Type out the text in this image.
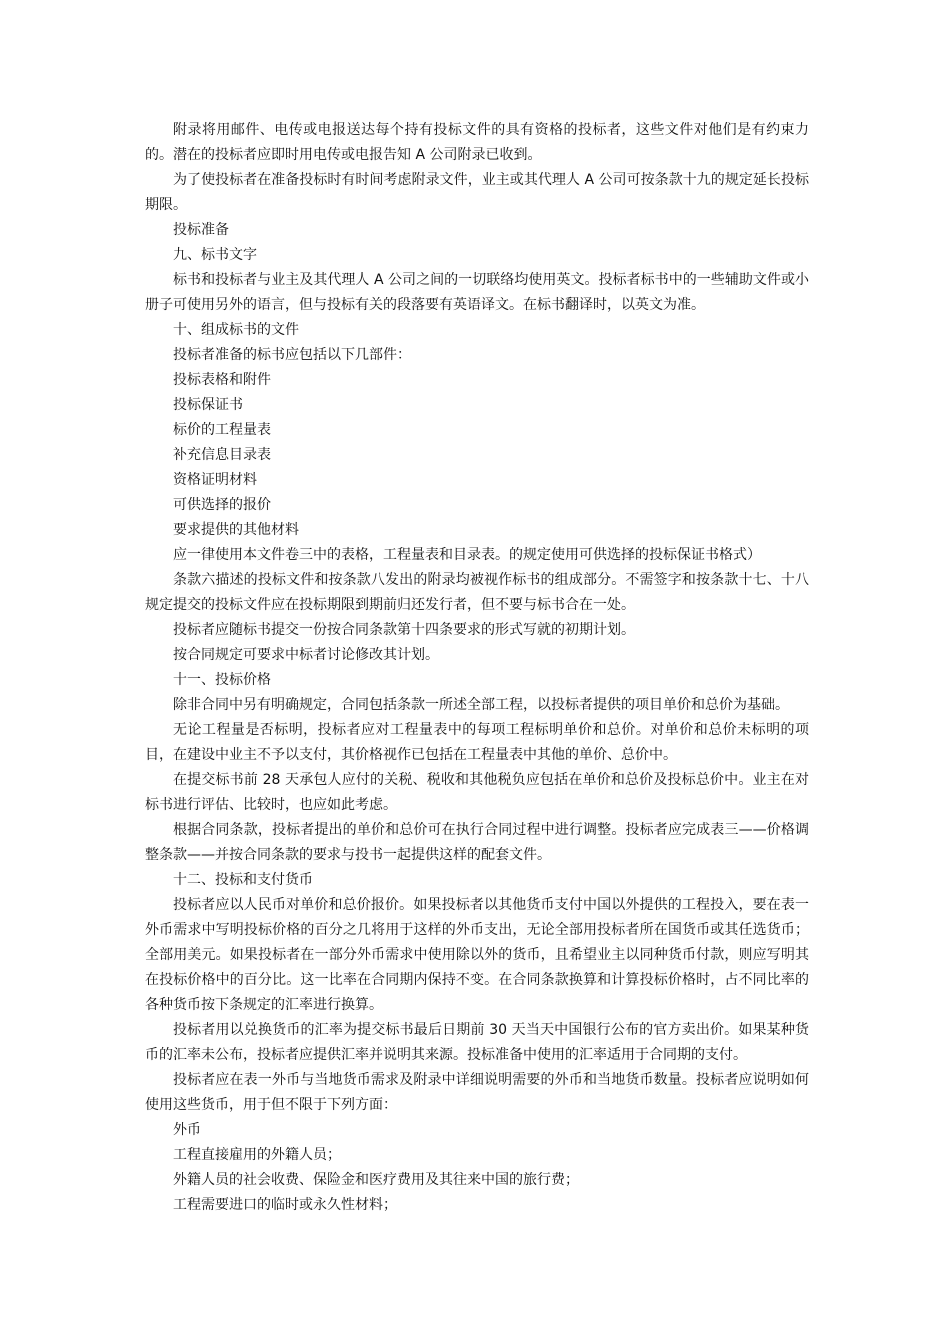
附录将用邮件、电传或电报送达每个持有投标文件的具有资格的投标者，这些文件对他们是有约束力的。潜在的投标者应即时用电传或电报告知 A 公司附录已收到。

为了使投标者在准备投标时有时间考虑附录文件，业主或其代理人 A 公司可按条款十九的规定延长投标期限。

投标准备

九、标书文字

标书和投标者与业主及其代理人 A 公司之间的一切联络均使用英文。投标者标书中的一些辅助文件或小册子可使用另外的语言，但与投标有关的段落要有英语译文。在标书翻译时，以英文为准。

十、组成标书的文件

投标者准备的标书应包括以下几部件：

投标表格和附件

投标保证书

标价的工程量表

补充信息目录表

资格证明材料

可供选择的报价

要求提供的其他材料

应一律使用本文件卷三中的表格，工程量表和目录表。的规定使用可供选择的投标保证书格式）

条款六描述的投标文件和按条款八发出的附录均被视作标书的组成部分。不需签字和按条款十七、十八规定提交的投标文件应在投标期限到期前归还发行者，但不要与标书合在一处。

投标者应随标书提交一份按合同条款第十四条要求的形式写就的初期计划。

按合同规定可要求中标者讨论修改其计划。

十一、投标价格

除非合同中另有明确规定，合同包括条款一所述全部工程，以投标者提供的项目单价和总价为基础。

无论工程量是否标明，投标者应对工程量表中的每项工程标明单价和总价。对单价和总价未标明的项目，在建设中业主不予以支付，其价格视作已包括在工程量表中其他的单价、总价中。

在提交标书前 28 天承包人应付的关税、税收和其他税负应包括在单价和总价及投标总价中。业主在对标书进行评估、比较时，也应如此考虑。

根据合同条款，投标者提出的单价和总价可在执行合同过程中进行调整。投标者应完成表三——价格调整条款——并按合同条款的要求与投书一起提供这样的配套文件。

十二、投标和支付货币

投标者应以人民币对单价和总价报价。如果投标者以其他货币支付中国以外提供的工程投入，要在表一外币需求中写明投标价格的百分之几将用于这样的外币支出，无论全部用投标者所在国货币或其任选货币；全部用美元。如果投标者在一部分外币需求中使用除以外的货币，且希望业主以同种货币付款，则应写明其在投标价格中的百分比。这一比率在合同期内保持不变。在合同条款换算和计算投标价格时，占不同比率的各种货币按下条规定的汇率进行换算。

投标者用以兑换货币的汇率为提交标书最后日期前 30 天当天中国银行公布的官方卖出价。如果某种货币的汇率未公布，投标者应提供汇率并说明其来源。投标准备中使用的汇率适用于合同期的支付。

投标者应在表一外币与当地货币需求及附录中详细说明需要的外币和当地货币数量。投标者应说明如何使用这些货币，用于但不限于下列方面：

外币

工程直接雇用的外籍人员；

外籍人员的社会收费、保险金和医疗费用及其往来中国的旅行费；

工程需要进口的临时或永久性材料；
